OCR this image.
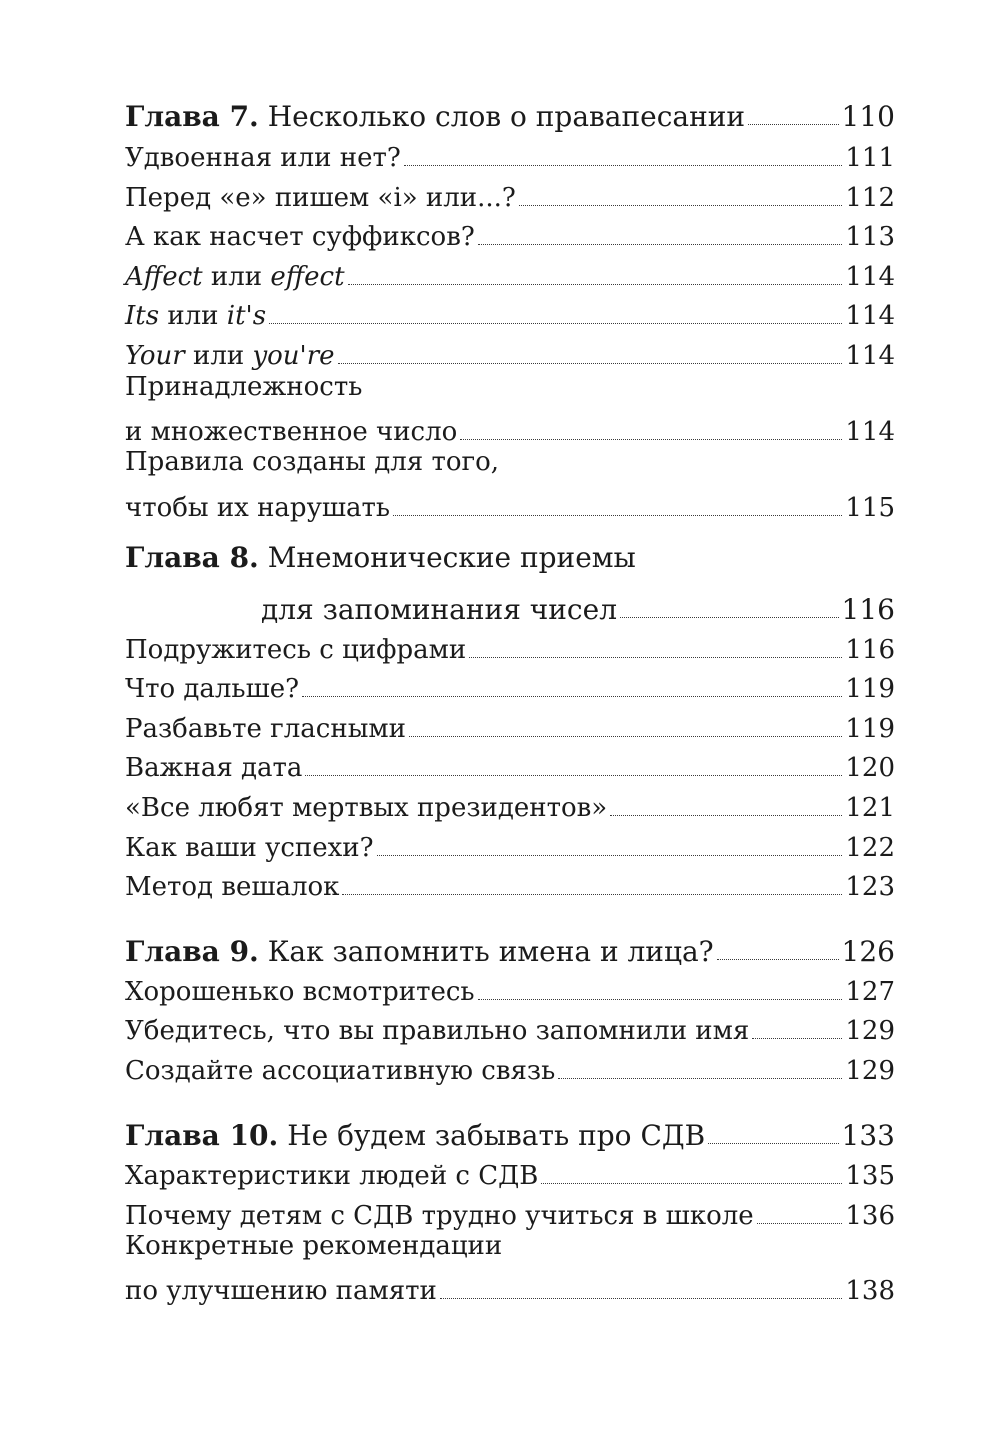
Глава 7. Несколько слов о правапесании	110
Удвоенная или нет?	111
Перед «e» пишем «i» или...?	112
А как насчет суффиксов?	113
Affect или effect	114
Its или it's	114
Your или you're	114
Принадлежность
и множественное число	114
Правила созданы для того,
чтобы их нарушать	115
Глава 8. Мнемонические приемы
для запоминания чисел	116
Подружитесь с цифрами	116
Что дальше?	119
Разбавьте гласными	119
Важная дата	120
«Все любят мертвых президентов»	121
Как ваши успехи?	122
Метод вешалок	123
Глава 9. Как запомнить имена и лица?	126
Хорошенько всмотритесь	127
Убедитесь, что вы правильно запомнили имя	129
Создайте ассоциативную связь	129
Глава 10. Не будем забывать про СДВ	133
Характеристики людей с СДВ	135
Почему детям с СДВ трудно учиться в школе	136
Конкретные рекомендации
по улучшению памяти	138
